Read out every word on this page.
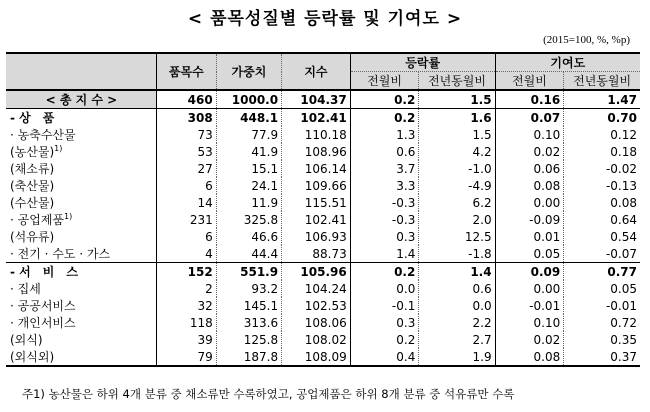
< 품목성질별 등락률 및 기여도 >
(2015=100, %, %p)
	품목수	가중치	지수	등락률		기여도	
				전월비	전년동월비	전월비	전년동월비
< 총 지 수 >	460	1000.0	104.37	0.2	1.5	0.16	1.47
- 상　품	308	448.1	102.41	0.2	1.6	0.07	0.70
· 농축수산물	73	77.9	110.18	1.3	1.5	0.10	0.12
(농산물)$^{1)}$	53	41.9	108.96	0.6	4.2	0.02	0.18
(채소류)	27	15.1	106.14	3.7	-1.0	0.06	-0.02
(축산물)	6	24.1	109.66	3.3	-4.9	0.08	-0.13
(수산물)	14	11.9	115.51	-0.3	6.2	0.00	0.08
· 공업제품$^{1)}$	231	325.8	102.41	-0.3	2.0	-0.09	0.64
(석유류)	6	46.6	106.93	0.3	12.5	0.01	0.54
· 전기 · 수도 · 가스	4	44.4	88.73	1.4	-1.8	0.05	-0.07
- 서　비　스	152	551.9	105.96	0.2	1.4	0.09	0.77
· 집세	2	93.2	104.24	0.0	0.6	0.00	0.05
· 공공서비스	32	145.1	102.53	-0.1	0.0	-0.01	-0.01
· 개인서비스	118	313.6	108.06	0.3	2.2	0.10	0.72
(외식)	39	125.8	108.02	0.2	2.7	0.02	0.35
(외식외)	79	187.8	108.09	0.4	1.9	0.08	0.37
주1) 농산물은 하위 4개 분류 중 채소류만 수록하였고, 공업제품은 하위 8개 분류 중 석유류만 수록
